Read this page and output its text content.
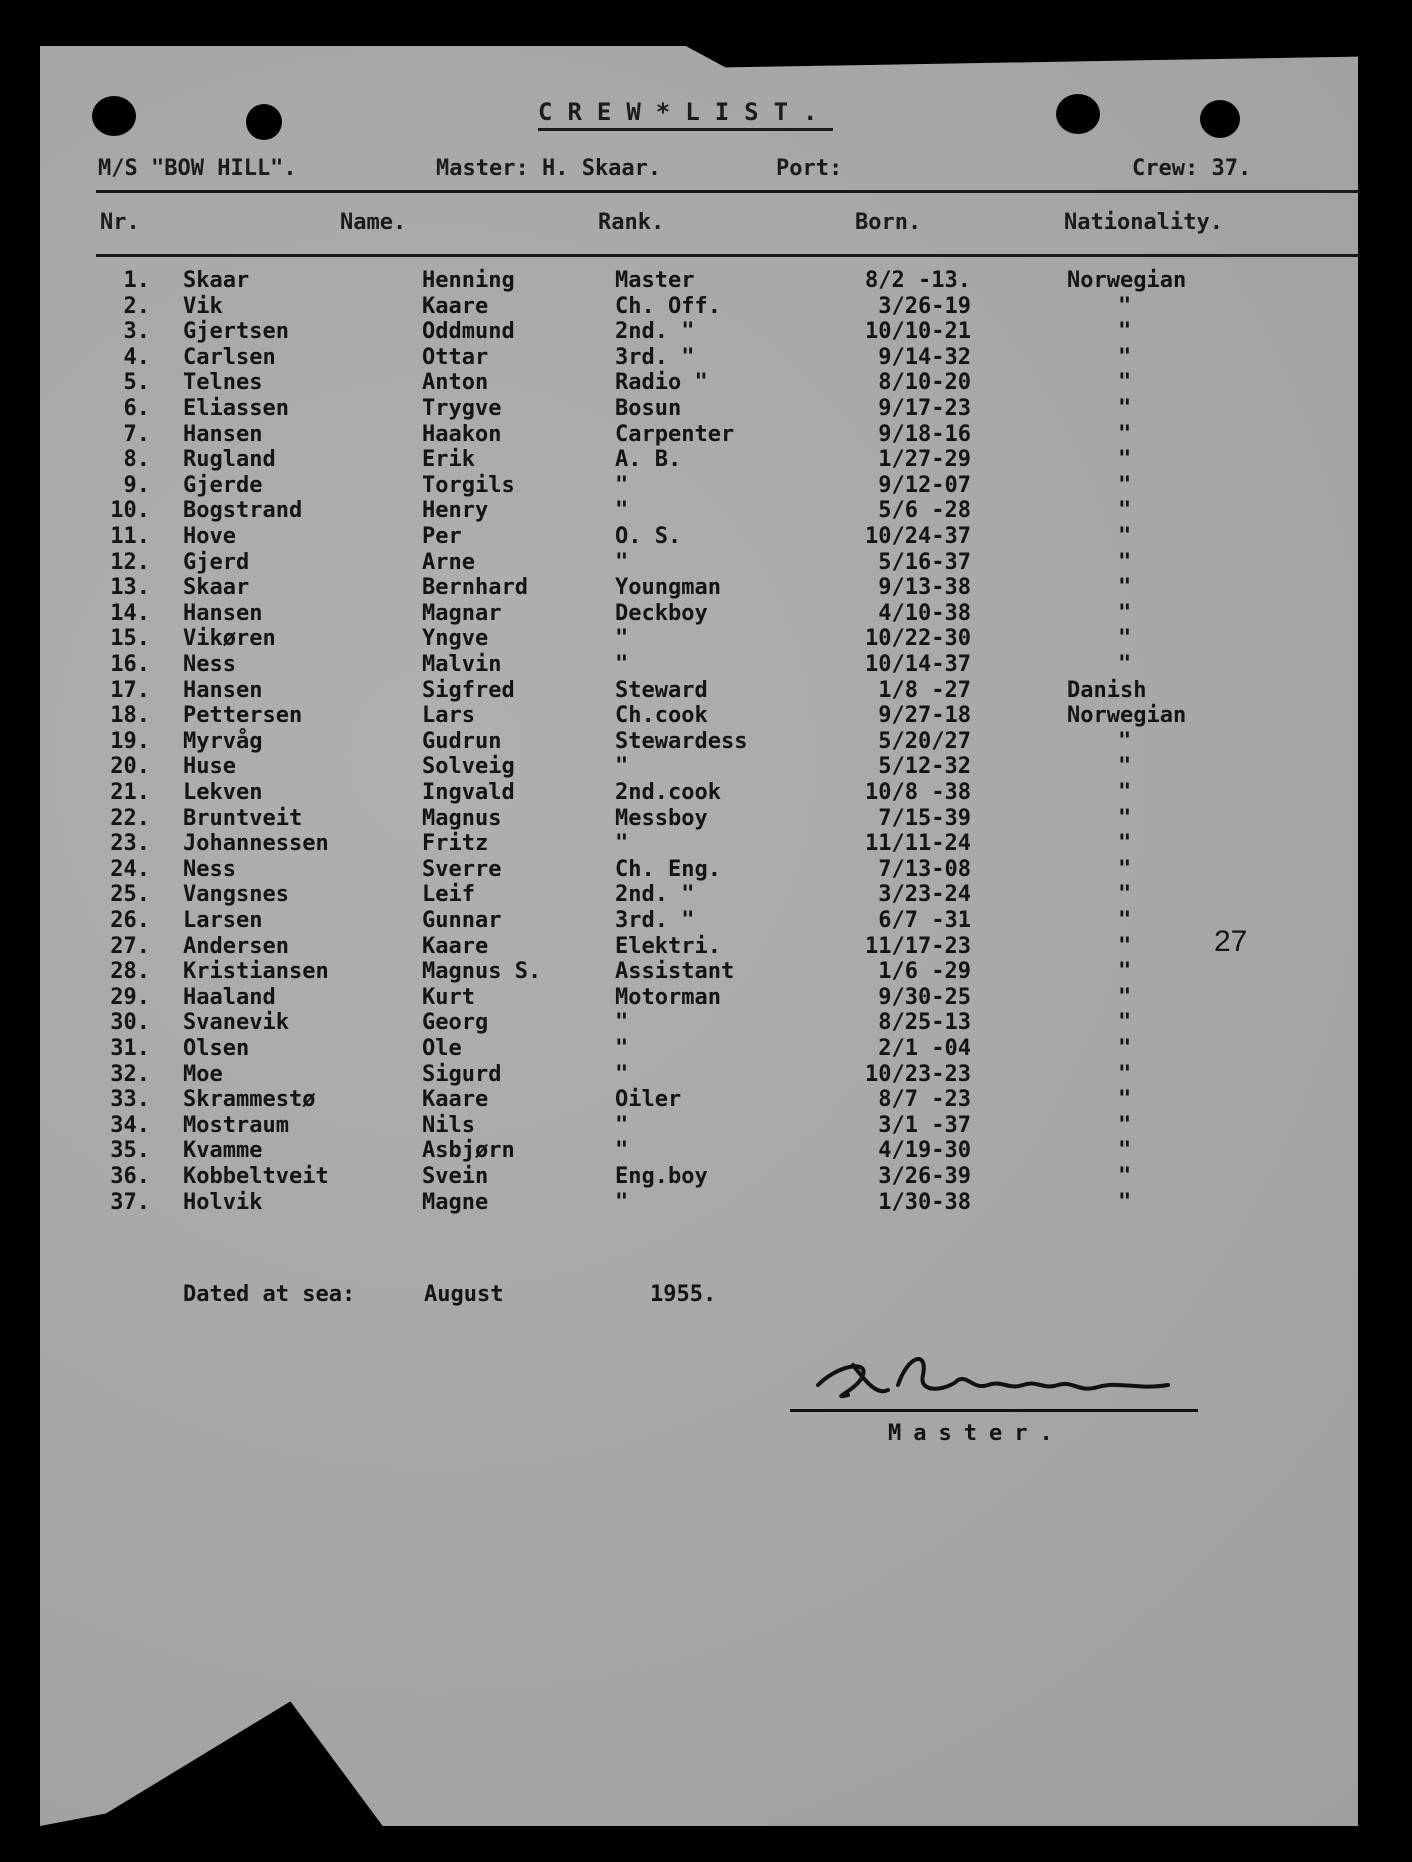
CREW*LIST.
M/S "BOW HILL".	Master: H. Skaar.	Port:	Crew: 37.
Nr.	Name.	Rank.	Born.	Nationality.
1. Skaar	Henning	Master	8/2 -13.	Norwegian
2. Vik	Kaare	Ch. Off.	3/26-19	"
3. Gjertsen	Oddmund	2nd. "	10/10-21	"
4. Carlsen	Ottar	3rd. "	9/14-32	"
5. Telnes	Anton	Radio "	8/10-20	"
6. Eliassen	Trygve	Bosun	9/17-23	"
7. Hansen	Haakon	Carpenter	9/18-16	"
8. Rugland	Erik	A. B.	1/27-29	"
9. Gjerde	Torgils	"	9/12-07	"
10. Bogstrand	Henry	"	5/6 -28	"
11. Hove	Per	O. S.	10/24-37	"
12. Gjerd	Arne	"	5/16-37	"
13. Skaar	Bernhard	Youngman	9/13-38	"
14. Hansen	Magnar	Deckboy	4/10-38	"
15. Vikøren	Yngve	"	10/22-30	"
16. Ness	Malvin	"	10/14-37	"
17. Hansen	Sigfred	Steward	1/8 -27	Danish
18. Pettersen	Lars	Ch.cook	9/27-18	Norwegian
19. Myrvåg	Gudrun	Stewardess	5/20/27	"
20. Huse	Solveig	"	5/12-32	"
21. Lekven	Ingvald	2nd.cook	10/8 -38	"
22. Bruntveit	Magnus	Messboy	7/15-39	"
23. Johannessen	Fritz	"	11/11-24	"
24. Ness	Sverre	Ch. Eng.	7/13-08	"
25. Vangsnes	Leif	2nd. "	3/23-24	"
26. Larsen	Gunnar	3rd. "	6/7 -31	"
27. Andersen	Kaare	Elektri.	11/17-23	"
28. Kristiansen	Magnus S.	Assistant	1/6 -29	"
29. Haaland	Kurt	Motorman	9/30-25	"
30. Svanevik	Georg	"	8/25-13	"
31. Olsen	Ole	"	2/1 -04	"
32. Moe	Sigurd	"	10/23-23	"
33. Skrammestø	Kaare	Oiler	8/7 -23	"
34. Mostraum	Nils	"	3/1 -37	"
35. Kvamme	Asbjørn	"	4/19-30	"
36. Kobbeltveit	Svein	Eng.boy	3/26-39	"
37. Holvik	Magne	"	1/30-38	"
27
Dated at sea:	August	1955.
Master.
